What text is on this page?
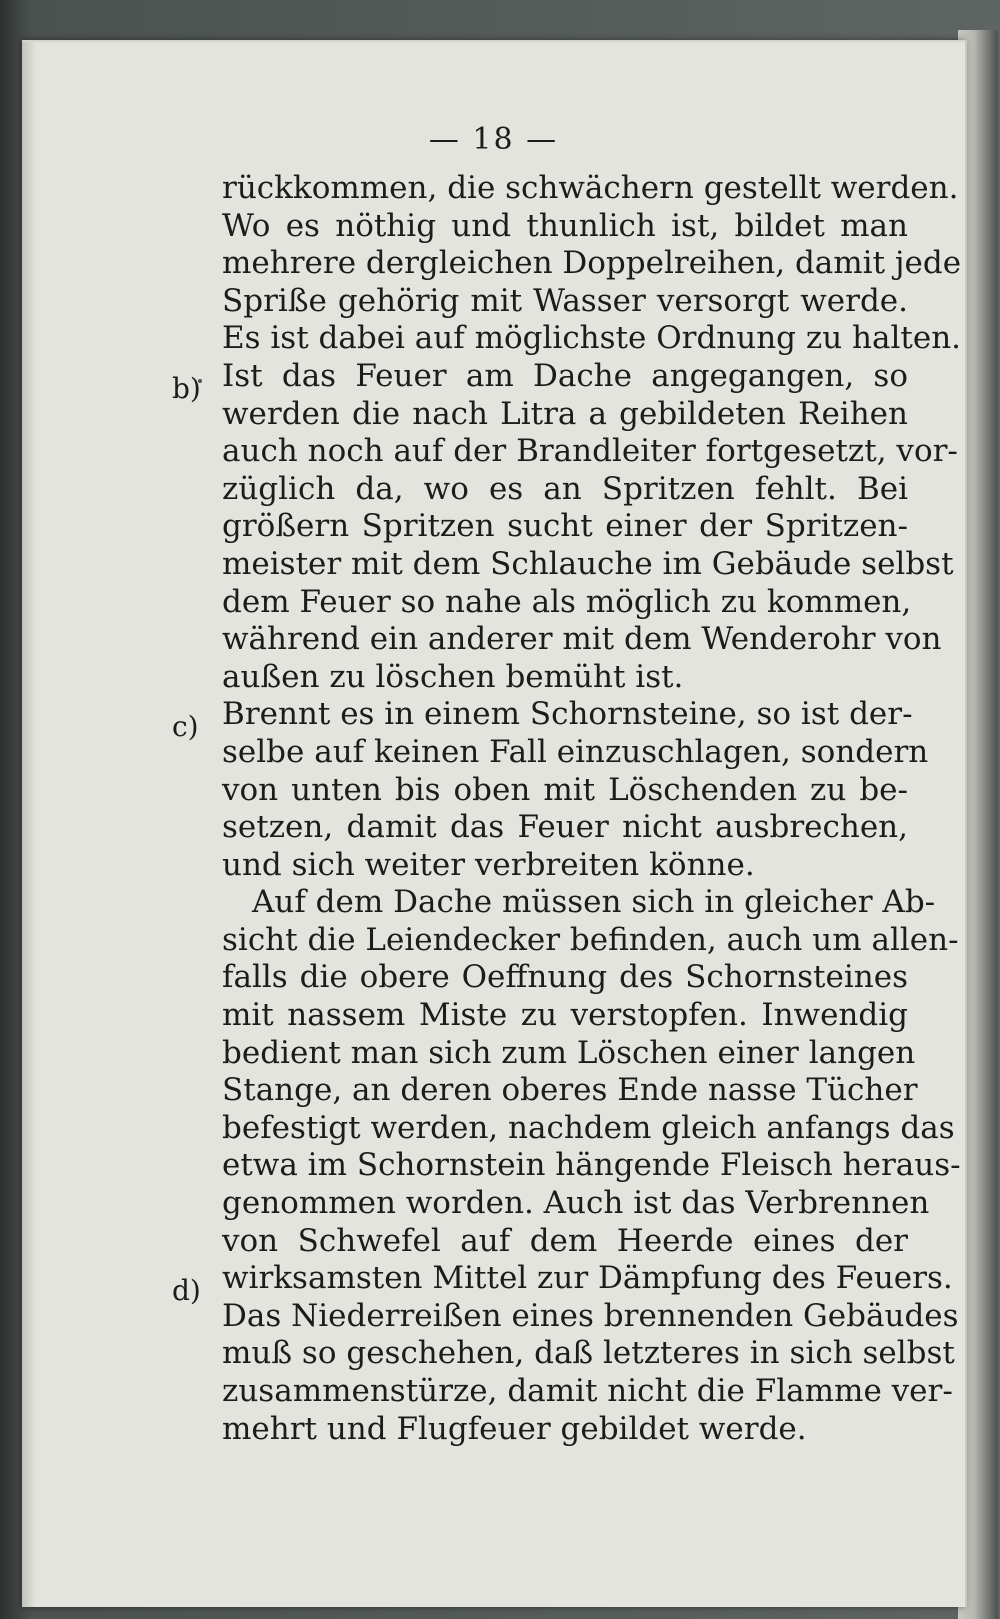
— 18 —
b)
c)
d)
rückkommen, die schwächern gestellt werden.
Wo es nöthig und thunlich ist, bildet man
mehrere dergleichen Doppelreihen, damit jede
Spriße gehörig mit Wasser versorgt werde.
Es ist dabei auf möglichste Ordnung zu halten.
Ist das Feuer am Dache angegangen, so
werden die nach Litra a gebildeten Reihen
auch noch auf der Brandleiter fortgesetzt, vor-
züglich da, wo es an Spritzen fehlt. Bei
größern Spritzen sucht einer der Spritzen-
meister mit dem Schlauche im Gebäude selbst
dem Feuer so nahe als möglich zu kommen,
während ein anderer mit dem Wenderohr von
außen zu löschen bemüht ist.
Brennt es in einem Schornsteine, so ist der-
selbe auf keinen Fall einzuschlagen, sondern
von unten bis oben mit Löschenden zu be-
setzen, damit das Feuer nicht ausbrechen,
und sich weiter verbreiten könne.
Auf dem Dache müssen sich in gleicher Ab-
sicht die Leiendecker befinden, auch um allen-
falls die obere Oeffnung des Schornsteines
mit nassem Miste zu verstopfen. Inwendig
bedient man sich zum Löschen einer langen
Stange, an deren oberes Ende nasse Tücher
befestigt werden, nachdem gleich anfangs das
etwa im Schornstein hängende Fleisch heraus-
genommen worden. Auch ist das Verbrennen
von Schwefel auf dem Heerde eines der
wirksamsten Mittel zur Dämpfung des Feuers.
Das Niederreißen eines brennenden Gebäudes
muß so geschehen, daß letzteres in sich selbst
zusammenstürze, damit nicht die Flamme ver-
mehrt und Flugfeuer gebildet werde.
